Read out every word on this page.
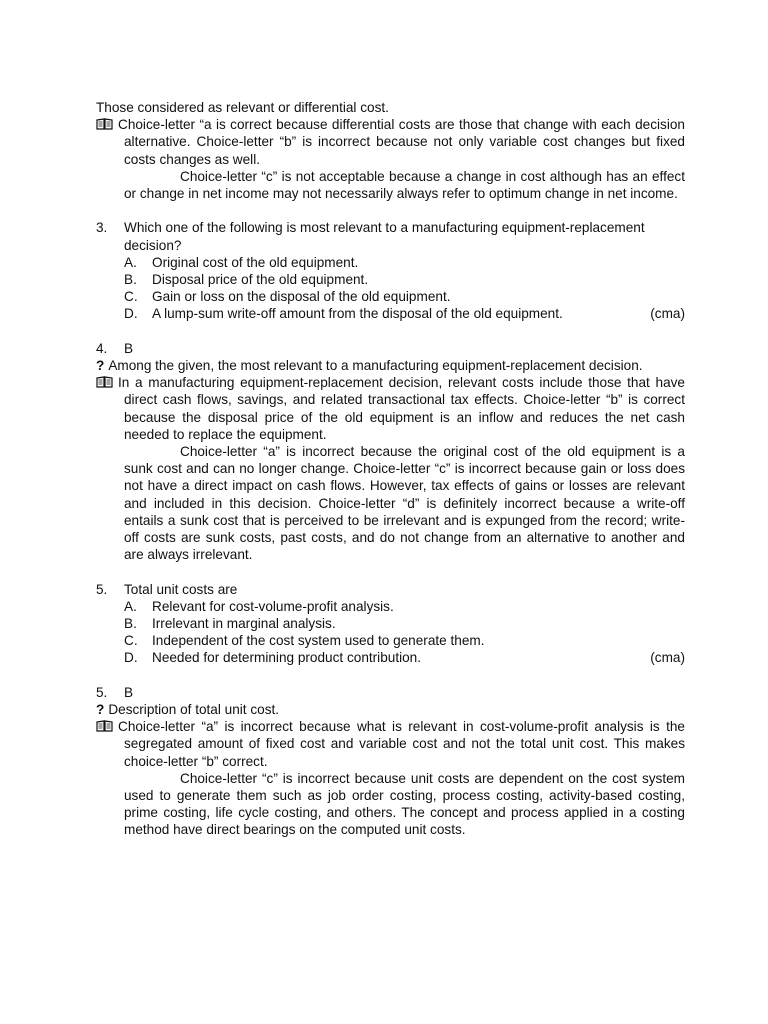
Those considered as relevant or differential cost.

Choice-letter “a is correct because differential costs are those that change with each decision alternative. Choice-letter “b” is incorrect because not only variable cost changes but fixed costs changes as well.

Choice-letter “c” is not acceptable because a change in cost although has an effect or change in net income may not necessarily always refer to optimum change in net income.

3. Which one of the following is most relevant to a manufacturing equipment-replacement decision?

A.	Original cost of the old equipment.
B.	Disposal price of the old equipment.
C.	Gain or loss on the disposal of the old equipment.
D.	A lump-sum write-off amount from the disposal of the old equipment.	(cma)

4. B

? Among the given, the most relevant to a manufacturing equipment-replacement decision.

In a manufacturing equipment-replacement decision, relevant costs include those that have direct cash flows, savings, and related transactional tax effects. Choice-letter “b” is correct because the disposal price of the old equipment is an inflow and reduces the net cash needed to replace the equipment.

Choice-letter “a” is incorrect because the original cost of the old equipment is a sunk cost and can no longer change. Choice-letter “c” is incorrect because gain or loss does not have a direct impact on cash flows. However, tax effects of gains or losses are relevant and included in this decision. Choice-letter “d” is definitely incorrect because a write-off entails a sunk cost that is perceived to be irrelevant and is expunged from the record; write-off costs are sunk costs, past costs, and do not change from an alternative to another and are always irrelevant.

5. Total unit costs are

A.	Relevant for cost-volume-profit analysis.
B.	Irrelevant in marginal analysis.
C.	Independent of the cost system used to generate them.
D.	Needed for determining product contribution.	(cma)

5. B

? Description of total unit cost.

Choice-letter “a” is incorrect because what is relevant in cost-volume-profit analysis is the segregated amount of fixed cost and variable cost and not the total unit cost. This makes choice-letter “b” correct.

Choice-letter “c” is incorrect because unit costs are dependent on the cost system used to generate them such as job order costing, process costing, activity-based costing, prime costing, life cycle costing, and others. The concept and process applied in a costing method have direct bearings on the computed unit costs.
